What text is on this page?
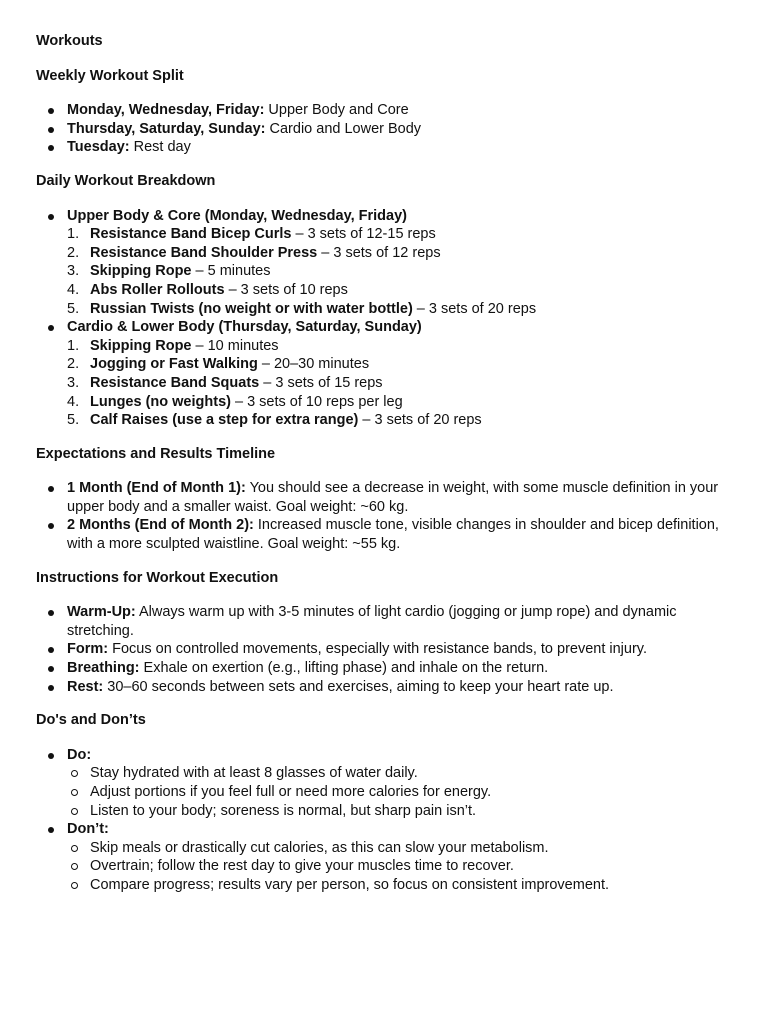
Workouts
Weekly Workout Split
Monday, Wednesday, Friday: Upper Body and Core
Thursday, Saturday, Sunday: Cardio and Lower Body
Tuesday: Rest day
Daily Workout Breakdown
Upper Body & Core (Monday, Wednesday, Friday)
1. Resistance Band Bicep Curls – 3 sets of 12-15 reps
2. Resistance Band Shoulder Press – 3 sets of 12 reps
3. Skipping Rope – 5 minutes
4. Abs Roller Rollouts – 3 sets of 10 reps
5. Russian Twists (no weight or with water bottle) – 3 sets of 20 reps
Cardio & Lower Body (Thursday, Saturday, Sunday)
1. Skipping Rope – 10 minutes
2. Jogging or Fast Walking – 20–30 minutes
3. Resistance Band Squats – 3 sets of 15 reps
4. Lunges (no weights) – 3 sets of 10 reps per leg
5. Calf Raises (use a step for extra range) – 3 sets of 20 reps
Expectations and Results Timeline
1 Month (End of Month 1): You should see a decrease in weight, with some muscle definition in your upper body and a smaller waist. Goal weight: ~60 kg.
2 Months (End of Month 2): Increased muscle tone, visible changes in shoulder and bicep definition, with a more sculpted waistline. Goal weight: ~55 kg.
Instructions for Workout Execution
Warm-Up: Always warm up with 3-5 minutes of light cardio (jogging or jump rope) and dynamic stretching.
Form: Focus on controlled movements, especially with resistance bands, to prevent injury.
Breathing: Exhale on exertion (e.g., lifting phase) and inhale on the return.
Rest: 30–60 seconds between sets and exercises, aiming to keep your heart rate up.
Do's and Don’ts
Do:
Stay hydrated with at least 8 glasses of water daily.
Adjust portions if you feel full or need more calories for energy.
Listen to your body; soreness is normal, but sharp pain isn’t.
Don’t:
Skip meals or drastically cut calories, as this can slow your metabolism.
Overtrain; follow the rest day to give your muscles time to recover.
Compare progress; results vary per person, so focus on consistent improvement.
